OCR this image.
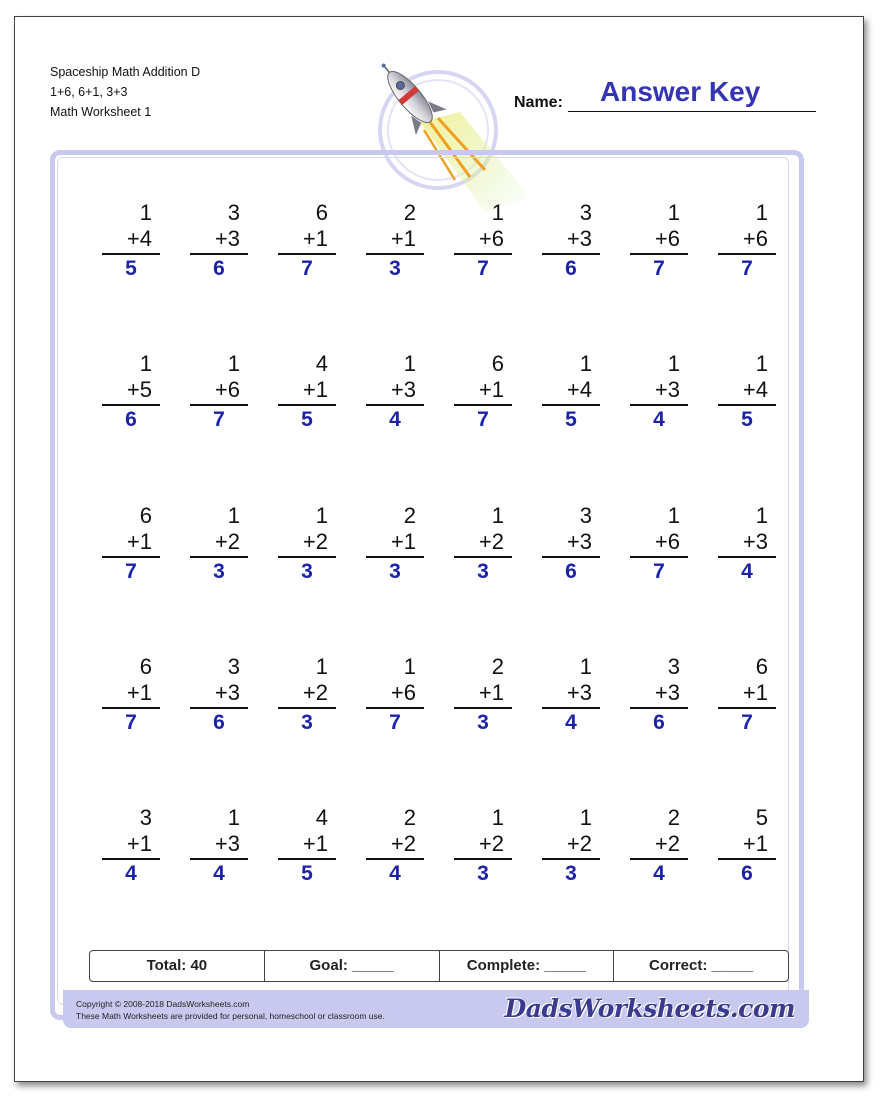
Spaceship Math Addition D
1+6, 6+1, 3+3
Math Worksheet 1
Name: Answer Key
1
+4
5
3
+3
6
6
+1
7
2
+1
3
1
+6
7
3
+3
6
1
+6
7
1
+6
7
1
+5
6
1
+6
7
4
+1
5
1
+3
4
6
+1
7
1
+4
5
1
+3
4
1
+4
5
6
+1
7
1
+2
3
1
+2
3
2
+1
3
1
+2
3
3
+3
6
1
+6
7
1
+3
4
6
+1
7
3
+3
6
1
+2
3
1
+6
7
2
+1
3
1
+3
4
3
+3
6
6
+1
7
3
+1
4
1
+3
4
4
+1
5
2
+2
4
1
+2
3
1
+2
3
2
+2
4
5
+1
6
Total: 40	Goal: _____	Complete: _____	Correct: _____
Copyright © 2008-2018 DadsWorksheets.com
These Math Worksheets are provided for personal, homeschool or classroom use.	DadsWorksheets.com
